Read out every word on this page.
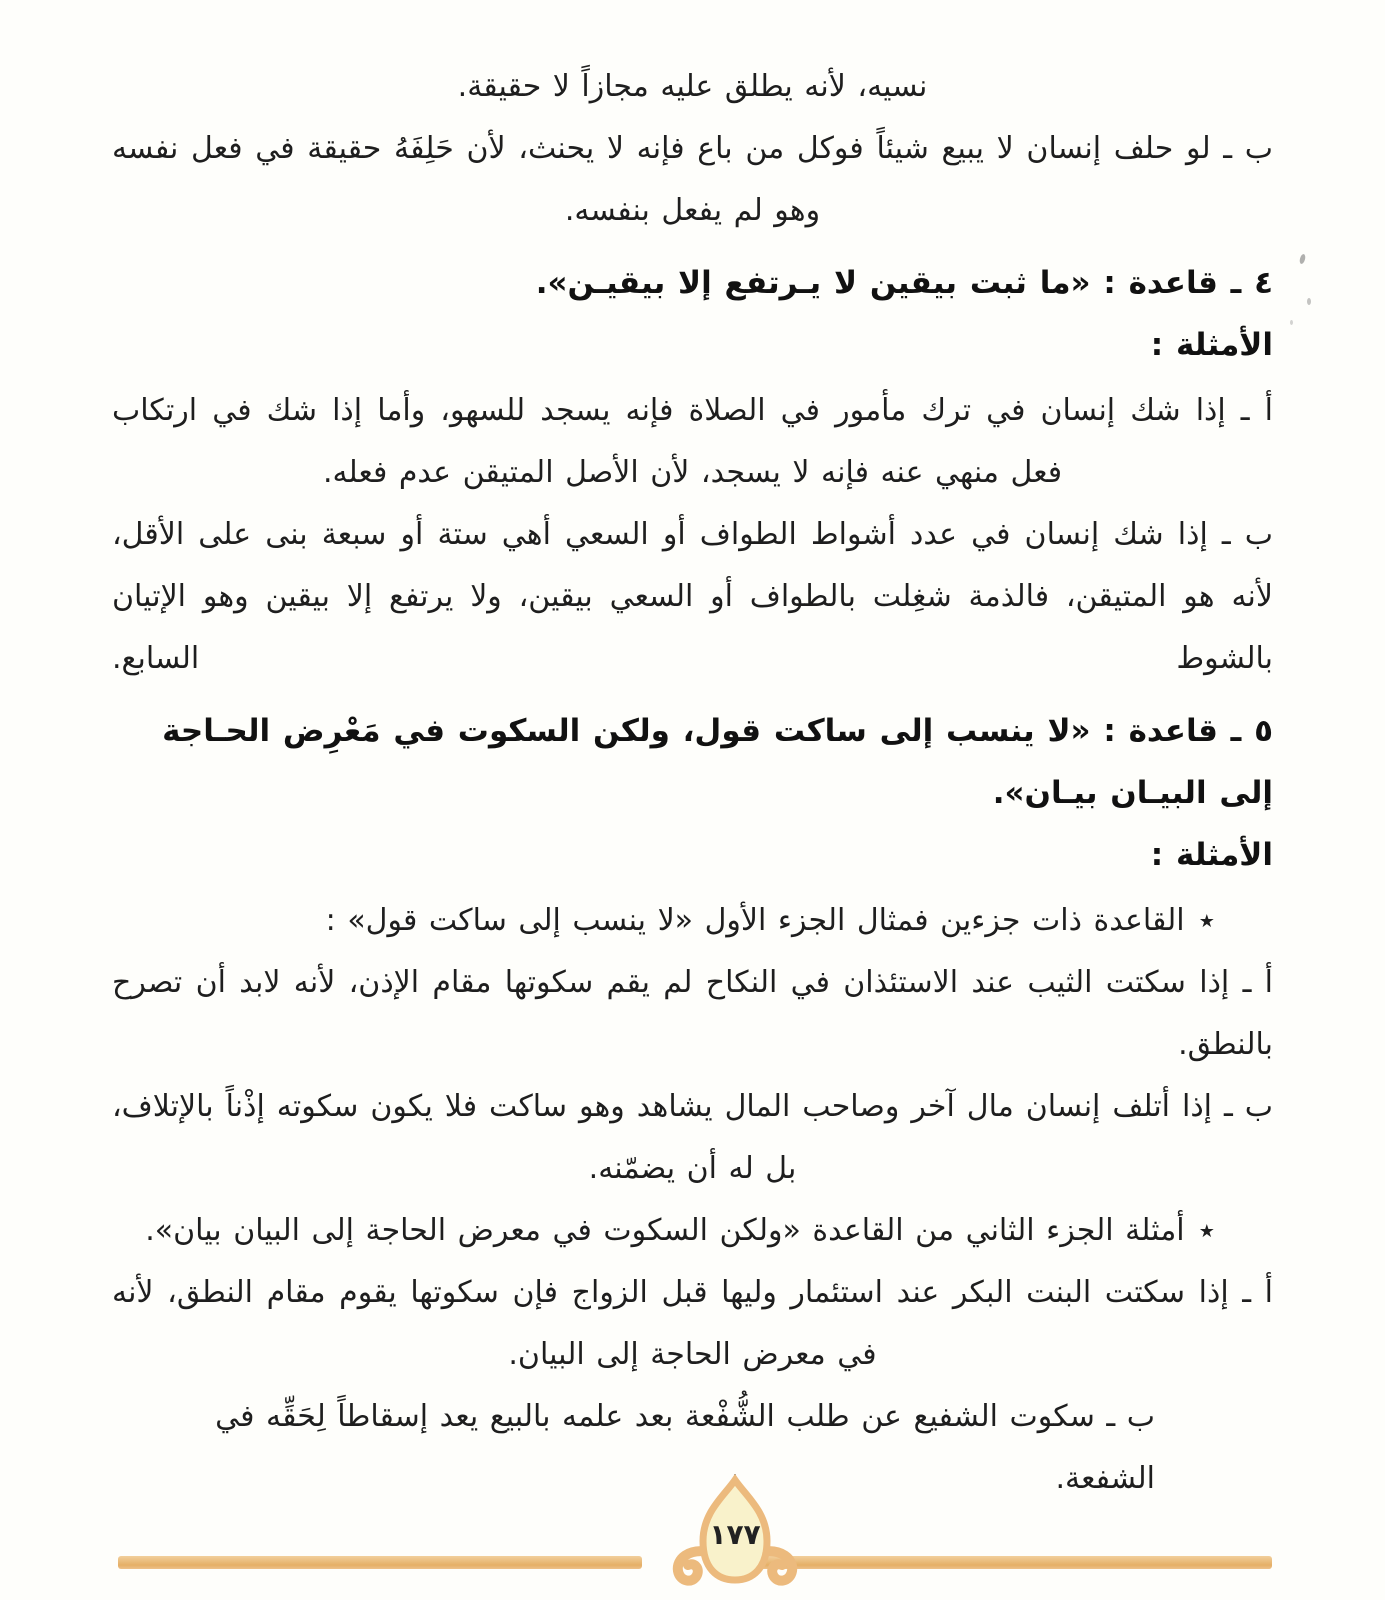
نسيه، لأنه يطلق عليه مجازاً لا حقيقة.
ب ـ لو حلف إنسان لا يبيع شيئاً فوكل من باع فإنه لا يحنث، لأن حَلِفَهُ حقيقة في فعل نفسه وهو لم يفعل بنفسه.
٤ ـ قاعدة : «ما ثبت بيقين لا يـرتفع إلا بيقيـن».
الأمثلة :
أ ـ إذا شك إنسان في ترك مأمور في الصلاة فإنه يسجد للسهو، وأما إذا شك في ارتكاب فعل منهي عنه فإنه لا يسجد، لأن الأصل المتيقن عدم فعله.
ب ـ إذا شك إنسان في عدد أشواط الطواف أو السعي أهي ستة أو سبعة بنى على الأقل، لأنه هو المتيقن، فالذمة شغِلت بالطواف أو السعي بيقين، ولا يرتفع إلا بيقين وهو الإتيان بالشوط السابع.
٥ ـ قاعدة : «لا ينسب إلى ساكت قول، ولكن السكوت في مَعْرِض الحـاجة إلى البيـان بيـان».
الأمثلة :
٭القاعدة ذات جزءين فمثال الجزء الأول «لا ينسب إلى ساكت قول» :
أ ـ إذا سكتت الثيب عند الاستئذان في النكاح لم يقم سكوتها مقام الإذن، لأنه لابد أن تصرح بالنطق.
ب ـ إذا أتلف إنسان مال آخر وصاحب المال يشاهد وهو ساكت فلا يكون سكوته إذْناً بالإتلاف، بل له أن يضمّنه.
٭أمثلة الجزء الثاني من القاعدة «ولكن السكوت في معرض الحاجة إلى البيان بيان».
أ ـ إذا سكتت البنت البكر عند استئمار وليها قبل الزواج فإن سكوتها يقوم مقام النطق، لأنه في معرض الحاجة إلى البيان.
ب ـ سكوت الشفيع عن طلب الشُّفْعة بعد علمه بالبيع يعد إسقاطاً لِحَقِّه في الشفعة.
١٧٧
